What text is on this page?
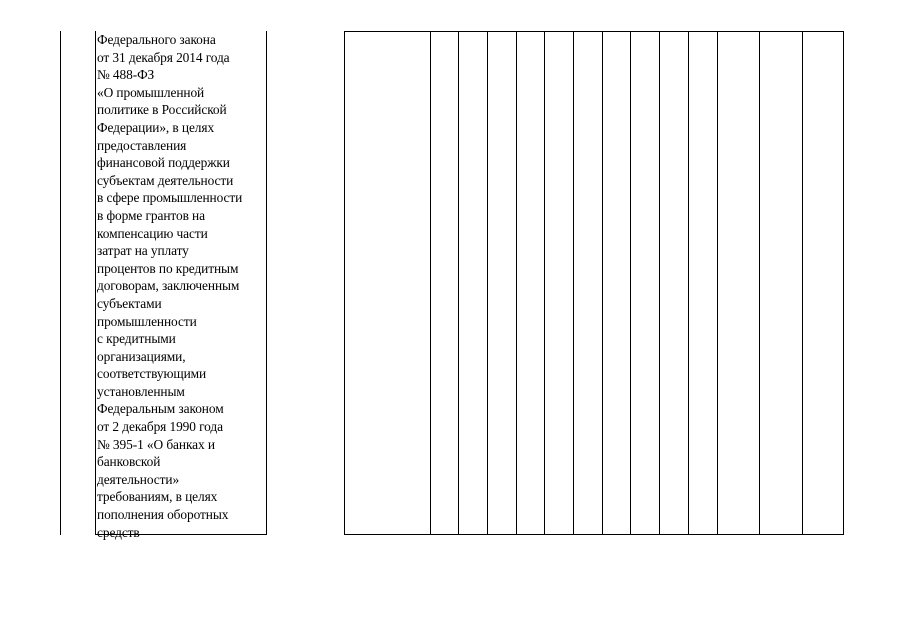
Федерального закона
от 31 декабря 2014 года
№ 488-ФЗ
«О промышленной
политике в Российской
Федерации», в целях
предоставления
финансовой поддержки
субъектам деятельности
в сфере промышленности
в форме грантов на
компенсацию части
затрат на уплату
процентов по кредитным
договорам, заключенным
субъектами
промышленности
с кредитными
организациями,
соответствующими
установленным
Федеральным законом
от 2 декабря 1990 года
№ 395-1 «О банках и
банковской
деятельности»
требованиям, в целях
пополнения оборотных
средств
